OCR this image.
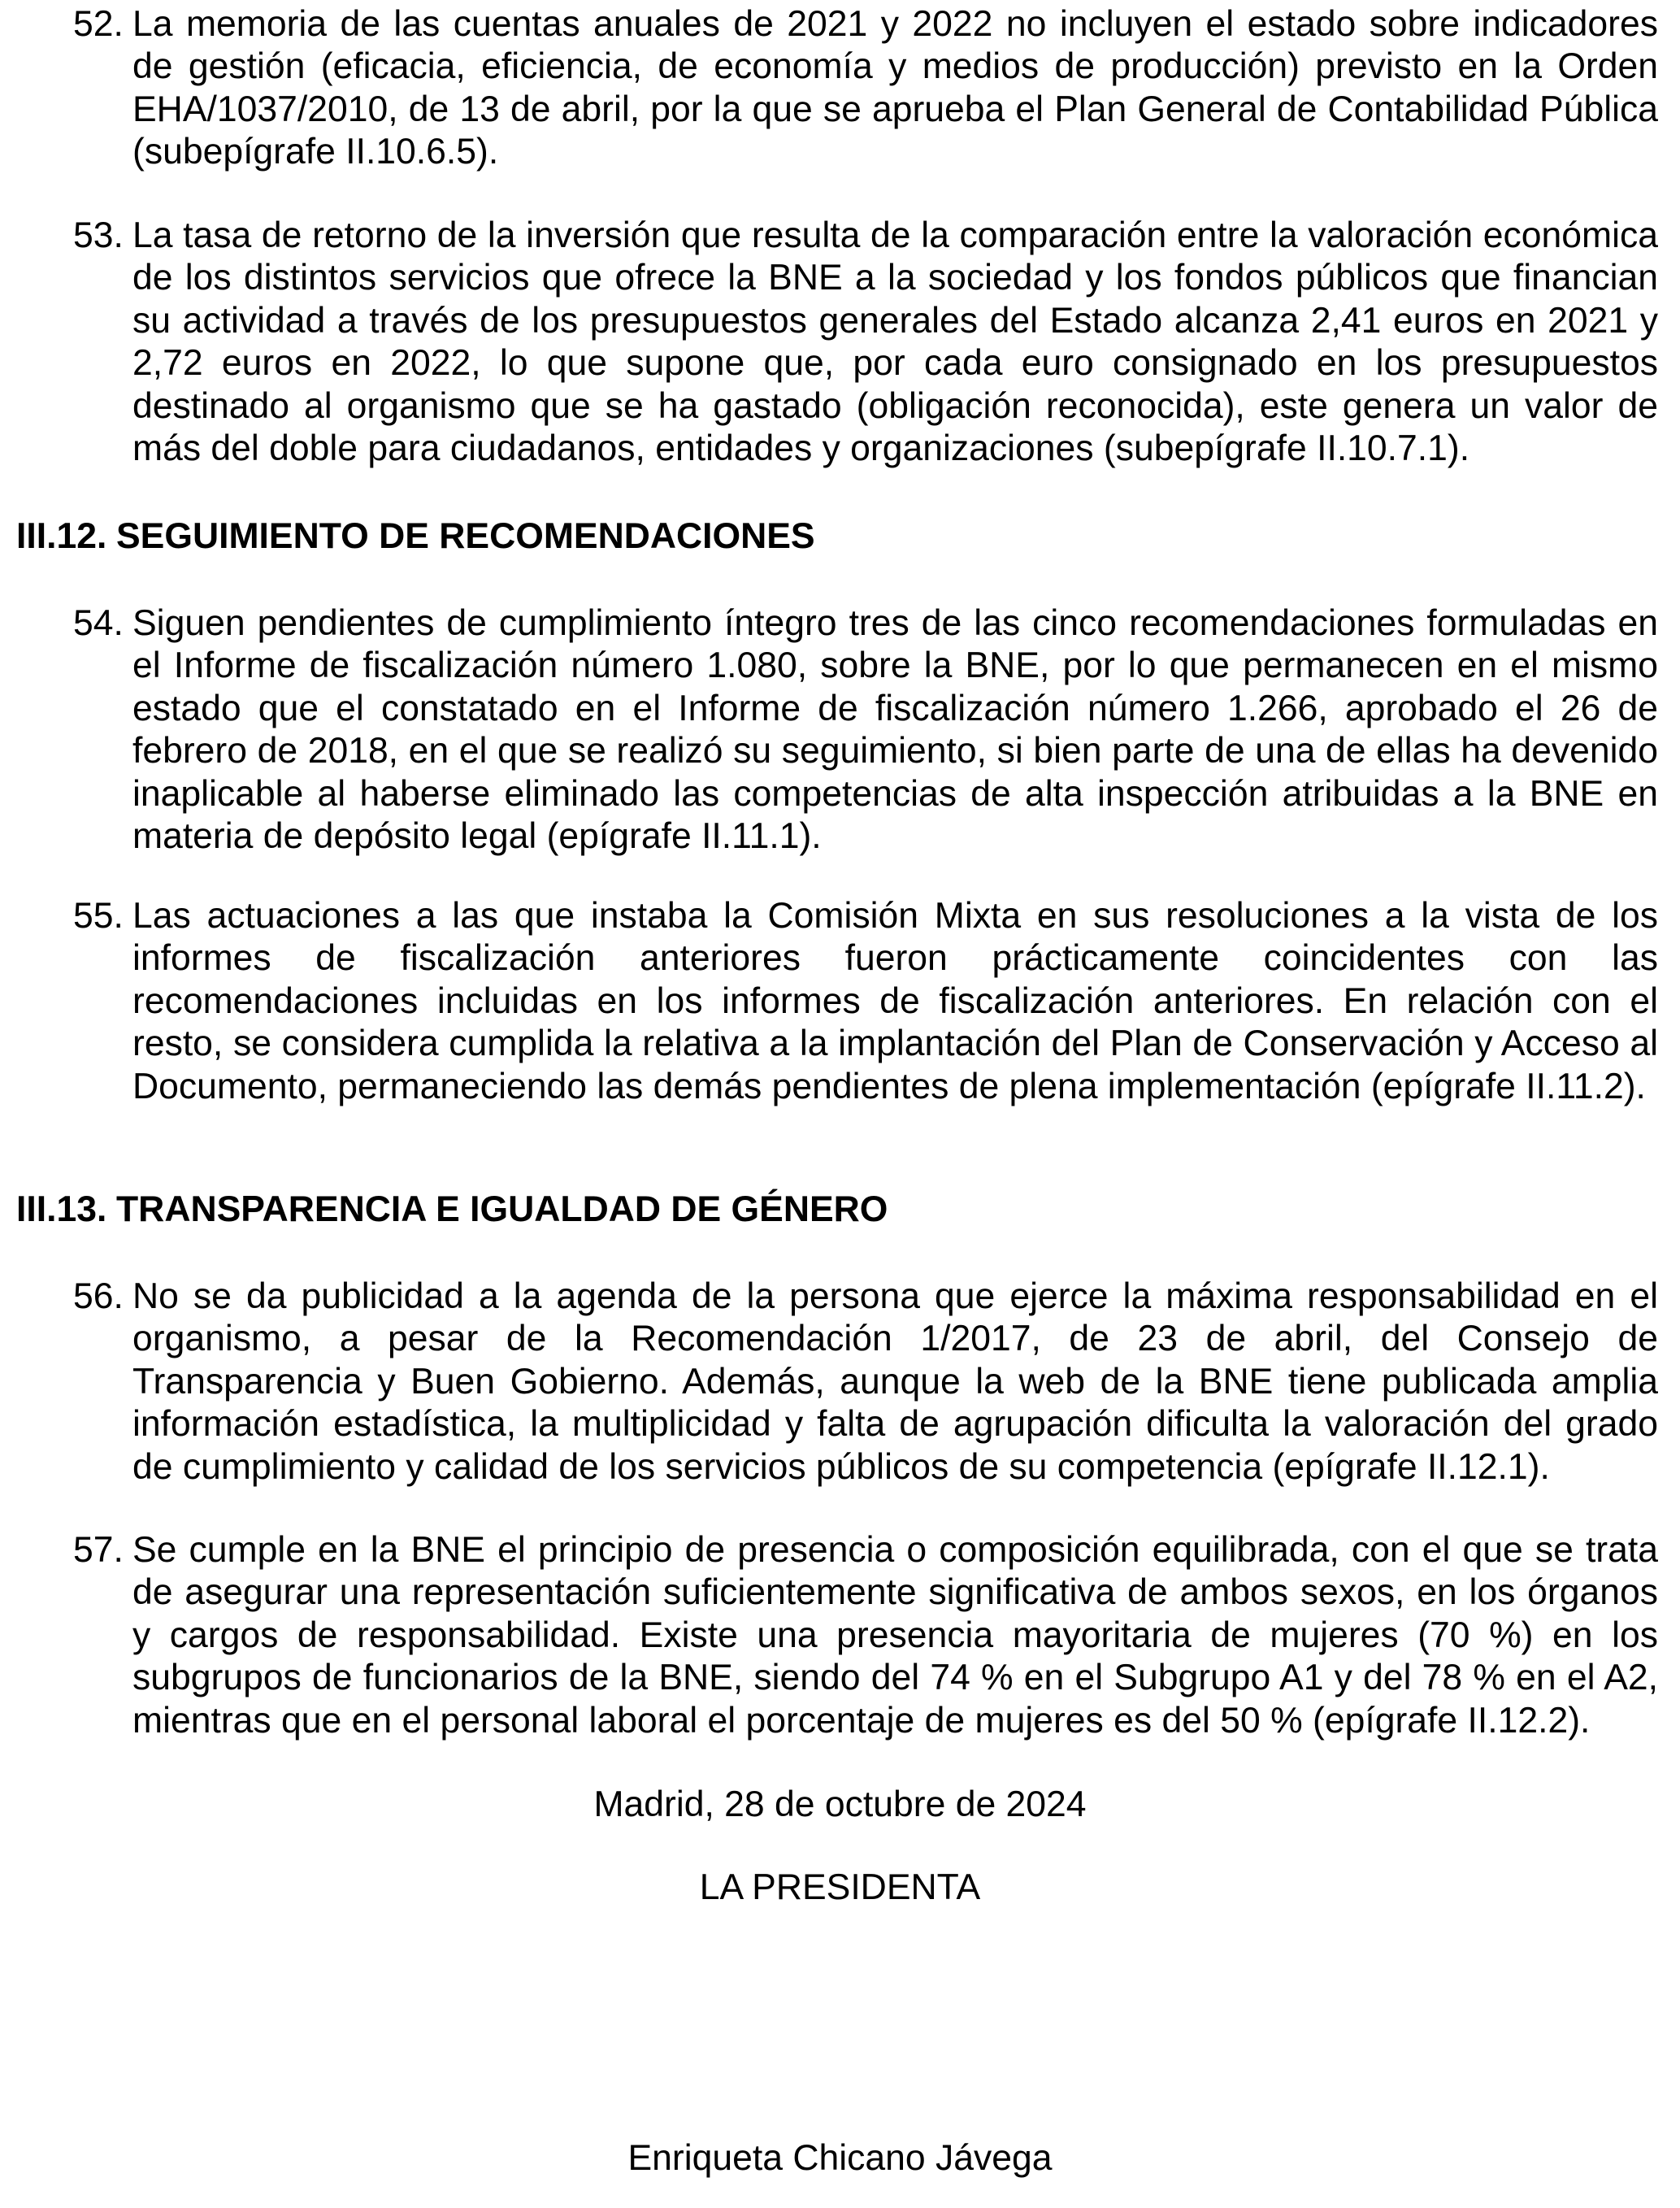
52. La memoria de las cuentas anuales de 2021 y 2022 no incluyen el estado sobre indicadores de gestión (eficacia, eficiencia, de economía y medios de producción) previsto en la Orden EHA/1037/2010, de 13 de abril, por la que se aprueba el Plan General de Contabilidad Pública (subepígrafe II.10.6.5).
53. La tasa de retorno de la inversión que resulta de la comparación entre la valoración económica de los distintos servicios que ofrece la BNE a la sociedad y los fondos públicos que financian su actividad a través de los presupuestos generales del Estado alcanza 2,41 euros en 2021 y 2,72 euros en 2022, lo que supone que, por cada euro consignado en los presupuestos destinado al organismo que se ha gastado (obligación reconocida), este genera un valor de más del doble para ciudadanos, entidades y organizaciones (subepígrafe II.10.7.1).
III.12. SEGUIMIENTO DE RECOMENDACIONES
54. Siguen pendientes de cumplimiento íntegro tres de las cinco recomendaciones formuladas en el Informe de fiscalización número 1.080, sobre la BNE, por lo que permanecen en el mismo estado que el constatado en el Informe de fiscalización número 1.266, aprobado el 26 de febrero de 2018, en el que se realizó su seguimiento, si bien parte de una de ellas ha devenido inaplicable al haberse eliminado las competencias de alta inspección atribuidas a la BNE en materia de depósito legal (epígrafe II.11.1).
55. Las actuaciones a las que instaba la Comisión Mixta en sus resoluciones a la vista de los informes de fiscalización anteriores fueron prácticamente coincidentes con las recomendaciones incluidas en los informes de fiscalización anteriores. En relación con el resto, se considera cumplida la relativa a la implantación del Plan de Conservación y Acceso al Documento, permaneciendo las demás pendientes de plena implementación (epígrafe II.11.2).
III.13. TRANSPARENCIA E IGUALDAD DE GÉNERO
56. No se da publicidad a la agenda de la persona que ejerce la máxima responsabilidad en el organismo, a pesar de la Recomendación 1/2017, de 23 de abril, del Consejo de Transparencia y Buen Gobierno. Además, aunque la web de la BNE tiene publicada amplia información estadística, la multiplicidad y falta de agrupación dificulta la valoración del grado de cumplimiento y calidad de los servicios públicos de su competencia (epígrafe II.12.1).
57. Se cumple en la BNE el principio de presencia o composición equilibrada, con el que se trata de asegurar una representación suficientemente significativa de ambos sexos, en los órganos y cargos de responsabilidad. Existe una presencia mayoritaria de mujeres (70 %) en los subgrupos de funcionarios de la BNE, siendo del 74 % en el Subgrupo A1 y del 78 % en el A2, mientras que en el personal laboral el porcentaje de mujeres es del 50 % (epígrafe II.12.2).
Madrid, 28 de octubre de 2024
LA PRESIDENTA
Enriqueta Chicano Jávega
